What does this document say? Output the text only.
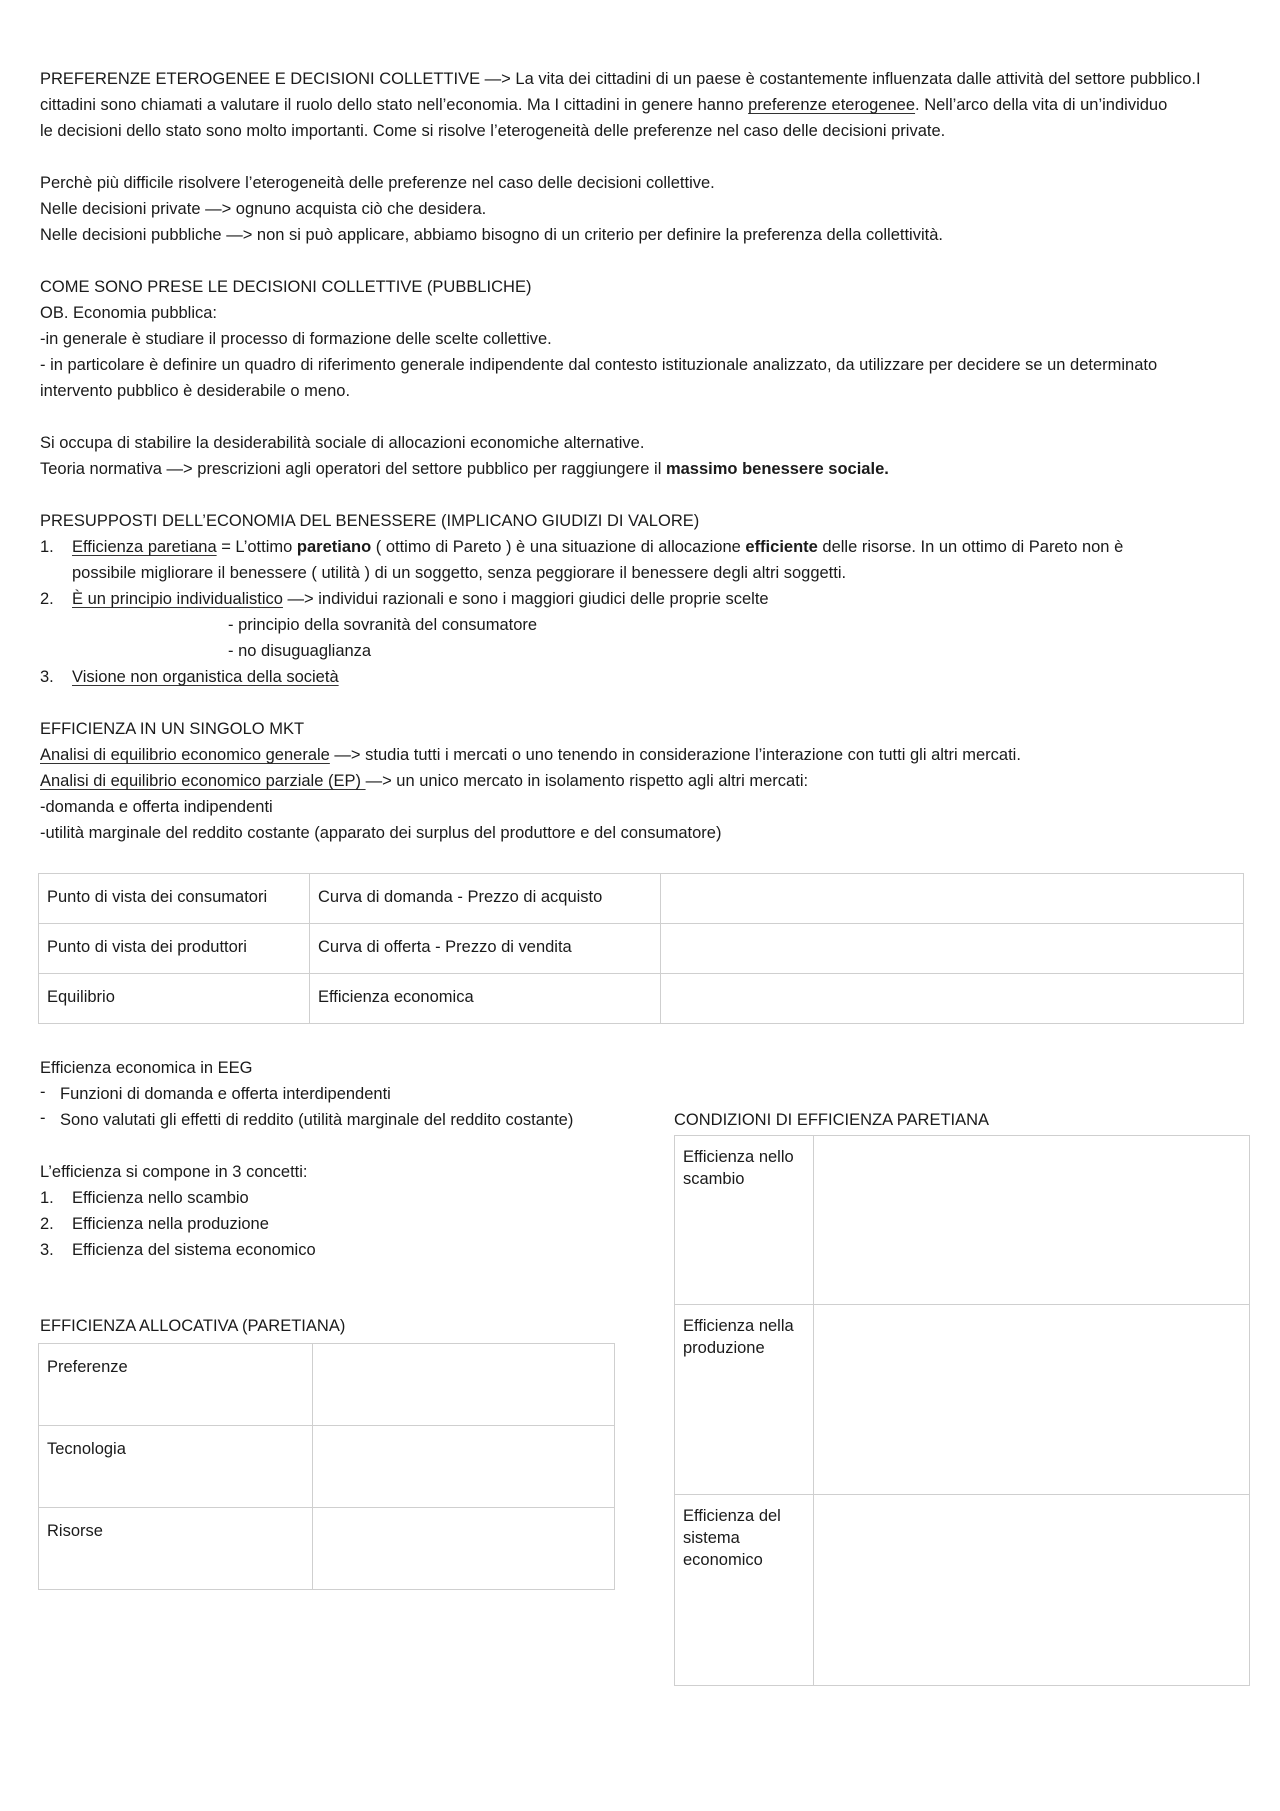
PREFERENZE ETEROGENEE E DECISIONI COLLETTIVE —> La vita dei cittadini di un paese è costantemente influenzata dalle attività del settore pubblico.I

cittadini sono chiamati a valutare il ruolo dello stato nell’economia. Ma I cittadini in genere hanno preferenze eterogenee. Nell’arco della vita di un’individuo

le decisioni dello stato sono molto importanti. Come si risolve l’eterogeneità delle preferenze nel caso delle decisioni private.

Perchè più difficile risolvere l’eterogeneità delle preferenze nel caso delle decisioni collettive.

Nelle decisioni private —> ognuno acquista ciò che desidera.

Nelle decisioni pubbliche —> non si può applicare, abbiamo bisogno di un criterio per definire la preferenza della collettività.

COME SONO PRESE LE DECISIONI COLLETTIVE (PUBBLICHE)

OB. Economia pubblica:

-in generale è studiare il processo di formazione delle scelte collettive.

- in particolare è definire un quadro di riferimento generale indipendente dal contesto istituzionale analizzato, da utilizzare per decidere se un determinato

intervento pubblico è desiderabile o meno.

Si occupa di stabilire la desiderabilità sociale di allocazioni economiche alternative.

Teoria normativa —> prescrizioni agli operatori del settore pubblico per raggiungere il massimo benessere sociale.

PRESUPPOSTI DELL’ECONOMIA DEL BENESSERE (IMPLICANO GIUDIZI DI VALORE)

1. Efficienza paretiana = L’ottimo paretiano ( ottimo di Pareto ) è una situazione di allocazione efficiente delle risorse. In un ottimo di Pareto non è
possibile migliorare il benessere ( utilità ) di un soggetto, senza peggiorare il benessere degli altri soggetti.
2. È un principio individualistico —> individui razionali e sono i maggiori giudici delle proprie scelte
- principio della sovranità del consumatore
- no disuguaglianza
3. Visione non organistica della società

EFFICIENZA IN UN SINGOLO MKT

Analisi di equilibrio economico generale —> studia tutti i mercati o uno tenendo in considerazione l’interazione con tutti gli altri mercati.

Analisi di equilibrio economico parziale (EP) —> un unico mercato in isolamento rispetto agli altri mercati:

-domanda e offerta indipendenti

-utilità marginale del reddito costante (apparato dei surplus del produttore e del consumatore)

Punto di vista dei consumatori	Curva di domanda - Prezzo di acquisto	
Punto di vista dei produttori	Curva di offerta - Prezzo di vendita	
Equilibrio	Efficienza economica	

Efficienza economica in EEG

- Funzioni di domanda e offerta interdipendenti
- Sono valutati gli effetti di reddito (utilità marginale del reddito costante)

L’efficienza si compone in 3 concetti:

1. Efficienza nello scambio
2. Efficienza nella produzione
3. Efficienza del sistema economico

EFFICIENZA ALLOCATIVA (PARETIANA)

Preferenze	
Tecnologia	
Risorse	

CONDIZIONI DI EFFICIENZA PARETIANA

Efficienza nello
scambio	
Efficienza nella
produzione	
Efficienza del
sistema
economico	
